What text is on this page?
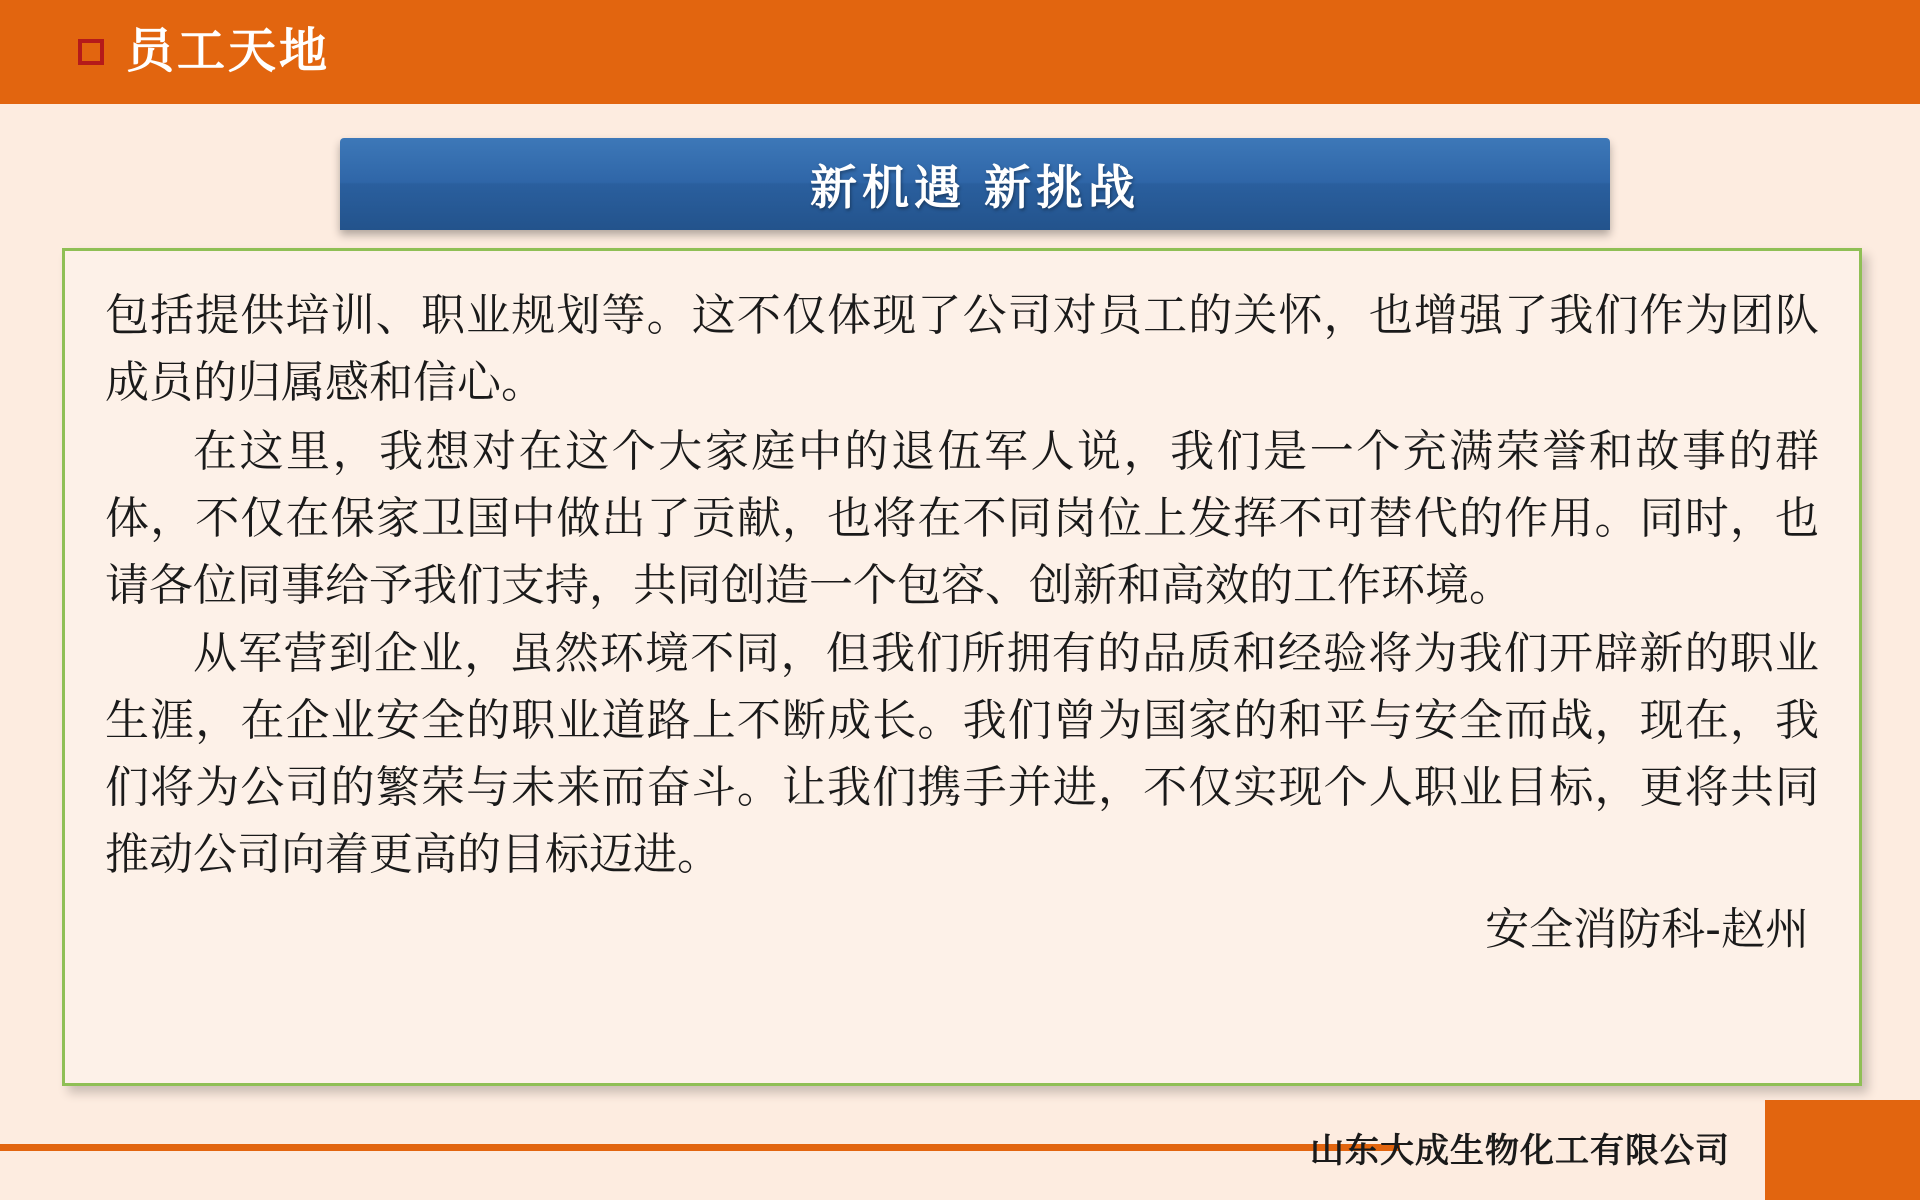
员工天地
新机遇 新挑战

包括提供培训、职业规划等。这不仅体现了公司对员工的关怀，也增强了我们作为团队成员的归属感和信心。

在这里，我想对在这个大家庭中的退伍军人说，我们是一个充满荣誉和故事的群体，不仅在保家卫国中做出了贡献，也将在不同岗位上发挥不可替代的作用。同时，也请各位同事给予我们支持，共同创造一个包容、创新和高效的工作环境。

从军营到企业，虽然环境不同，但我们所拥有的品质和经验将为我们开辟新的职业生涯，在企业安全的职业道路上不断成长。我们曾为国家的和平与安全而战，现在，我们将为公司的繁荣与未来而奋斗。让我们携手并进，不仅实现个人职业目标，更将共同推动公司向着更高的目标迈进。

安全消防科-赵州
山东大成生物化工有限公司
